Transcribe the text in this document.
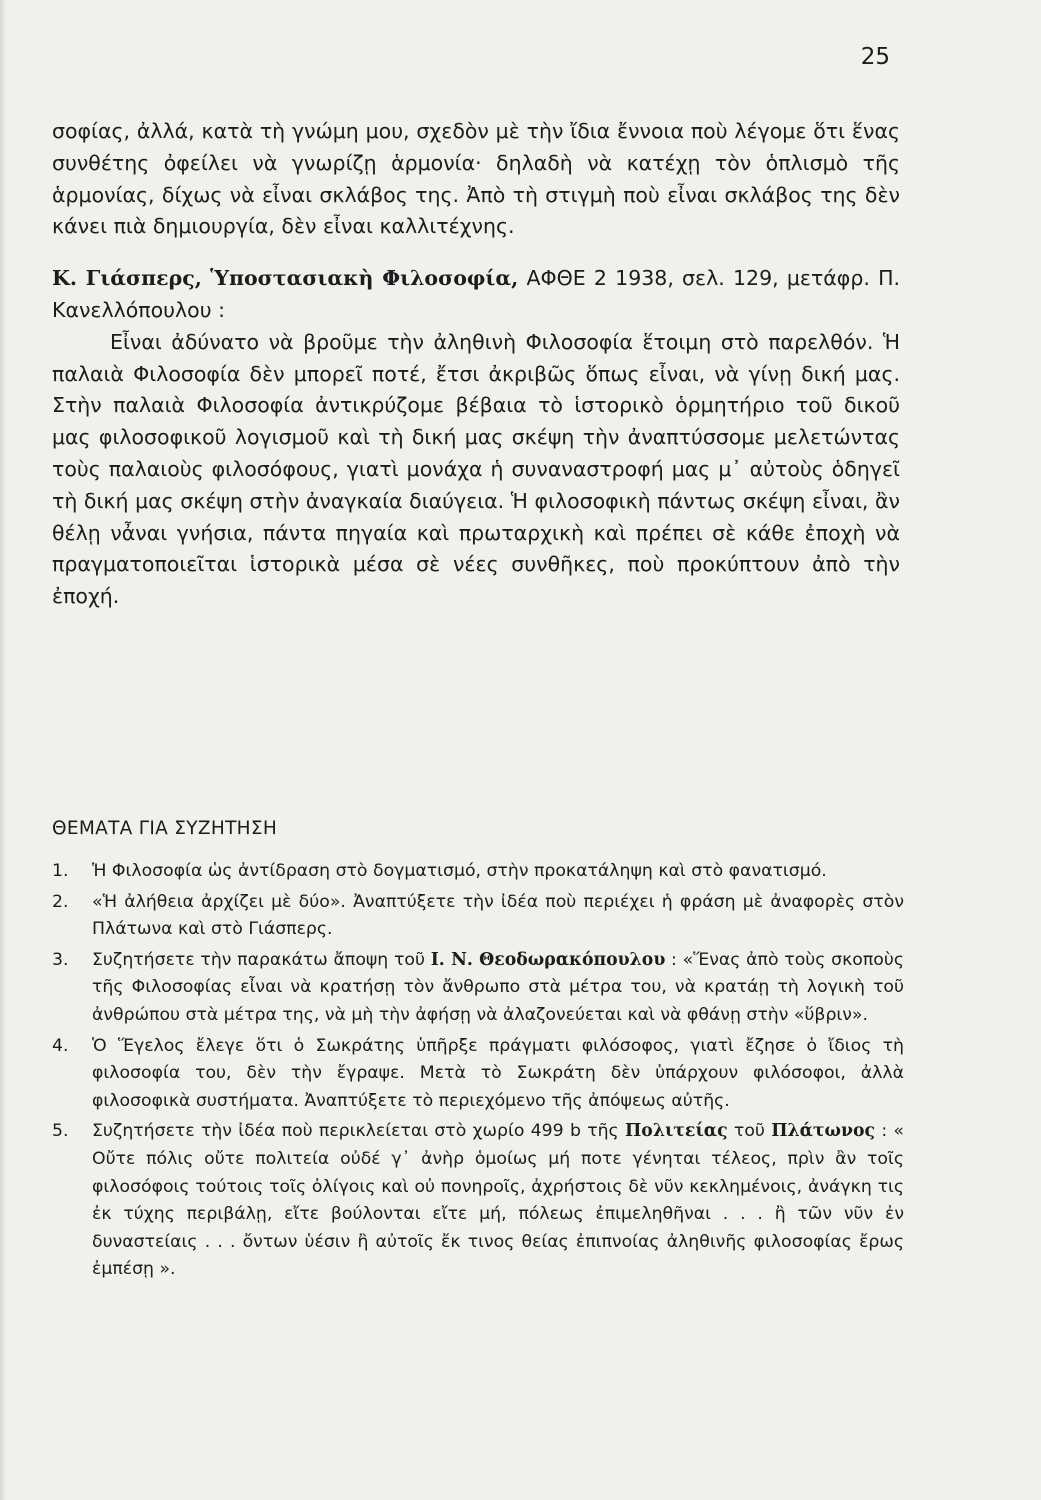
25

σοφίας, ἀλλά, κατὰ τὴ γνώμη μου, σχεδὸν μὲ τὴν ἴδια ἔννοια ποὺ λέγομε ὅτι ἕνας συνθέτης ὀφείλει νὰ γνωρίζῃ ἁρμονία· δηλαδὴ νὰ κατέχῃ τὸν ὁπλισμὸ τῆς ἁρμονίας, δίχως νὰ εἶναι σκλάβος της. Ἀπὸ τὴ στιγμὴ ποὺ εἶναι σκλάβος της δὲν κάνει πιὰ δημιουργία, δὲν εἶναι καλλιτέχνης.

Κ. Γιάσπερς, Ὑποστασιακὴ Φιλοσοφία, ΑΦΘΕ 2 1938, σελ. 129, μετάφρ. Π. Κανελλόπουλου :

Εἶναι ἀδύνατο νὰ βροῦμε τὴν ἀληθινὴ Φιλοσοφία ἕτοιμη στὸ παρελθόν. Ἡ παλαιὰ Φιλοσοφία δὲν μπορεῖ ποτέ, ἔτσι ἀκριβῶς ὅπως εἶναι, νὰ γίνῃ δική μας. Στὴν παλαιὰ Φιλοσοφία ἀντικρύζομε βέβαια τὸ ἱστορικὸ ὁρμητήριο τοῦ δικοῦ μας φιλοσοφικοῦ λογισμοῦ καὶ τὴ δική μας σκέψη τὴν ἀναπτύσσομε μελετώντας τοὺς παλαιοὺς φιλοσόφους, γιατὶ μονάχα ἡ συναναστροφή μας μ᾽ αὐτοὺς ὁδηγεῖ τὴ δική μας σκέψη στὴν ἀναγκαία διαύγεια. Ἡ φιλοσοφικὴ πάντως σκέψη εἶναι, ἂν θέλῃ νἆναι γνήσια, πάντα πηγαία καὶ πρωταρχικὴ καὶ πρέπει σὲ κάθε ἐποχὴ νὰ πραγματοποιεῖται ἱστορικὰ μέσα σὲ νέες συνθῆκες, ποὺ προκύπτουν ἀπὸ τὴν ἐποχή.

ΘΕΜΑΤΑ ΓΙΑ ΣΥΖΗΤΗΣΗ
1.	Ἡ Φιλοσοφία ὡς ἀντίδραση στὸ δογματισμό, στὴν προκατάληψη καὶ στὸ φανατισμό.
2.	«Ἡ ἀλήθεια ἀρχίζει μὲ δύο». Ἀναπτύξετε τὴν ἰδέα ποὺ περιέχει ἡ φράση μὲ ἀναφορὲς στὸν Πλάτωνα καὶ στὸ Γιάσπερς.
3.	Συζητήσετε τὴν παρακάτω ἄποψη τοῦ Ι. Ν. Θεοδωρακόπουλου : «Ἕνας ἀπὸ τοὺς σκοποὺς τῆς Φιλοσοφίας εἶναι νὰ κρατήσῃ τὸν ἄνθρωπο στὰ μέτρα του, νὰ κρατάῃ τὴ λογικὴ τοῦ ἀνθρώπου στὰ μέτρα της, νὰ μὴ τὴν ἀφήσῃ νὰ ἀλαζονεύεται καὶ νὰ φθάνῃ στὴν «ὕβριν».
4.	Ὁ Ἕγελος ἔλεγε ὅτι ὁ Σωκράτης ὑπῆρξε πράγματι φιλόσοφος, γιατὶ ἔζησε ὁ ἴδιος τὴ φιλοσοφία του, δὲν τὴν ἔγραψε. Μετὰ τὸ Σωκράτη δὲν ὑπάρχουν φιλόσοφοι, ἀλλὰ φιλοσοφικὰ συστήματα. Ἀναπτύξετε τὸ περιεχόμενο τῆς ἀπόψεως αὐτῆς.
5.	Συζητήσετε τὴν ἰδέα ποὺ περικλείεται στὸ χωρίο 499 b τῆς Πολιτείας τοῦ Πλάτωνος : « Οὔτε πόλις οὔτε πολιτεία οὐδέ γ᾽ ἀνὴρ ὁμοίως μή ποτε γένηται τέλεος, πρὶν ἂν τοῖς φιλοσόφοις τούτοις τοῖς ὀλίγοις καὶ οὐ πονηροῖς, ἀχρήστοις δὲ νῦν κεκλημένοις, ἀνάγκη τις ἐκ τύχης περιβάλῃ, εἴτε βούλονται εἴτε μή, πόλεως ἐπιμεληθῆναι . . . ἢ τῶν νῦν ἐν δυναστείαις . . . ὄντων ὑέσιν ἢ αὐτοῖς ἔκ τινος θείας ἐπιπνοίας ἀληθινῆς φιλοσοφίας ἔρως ἐμπέσῃ ».
